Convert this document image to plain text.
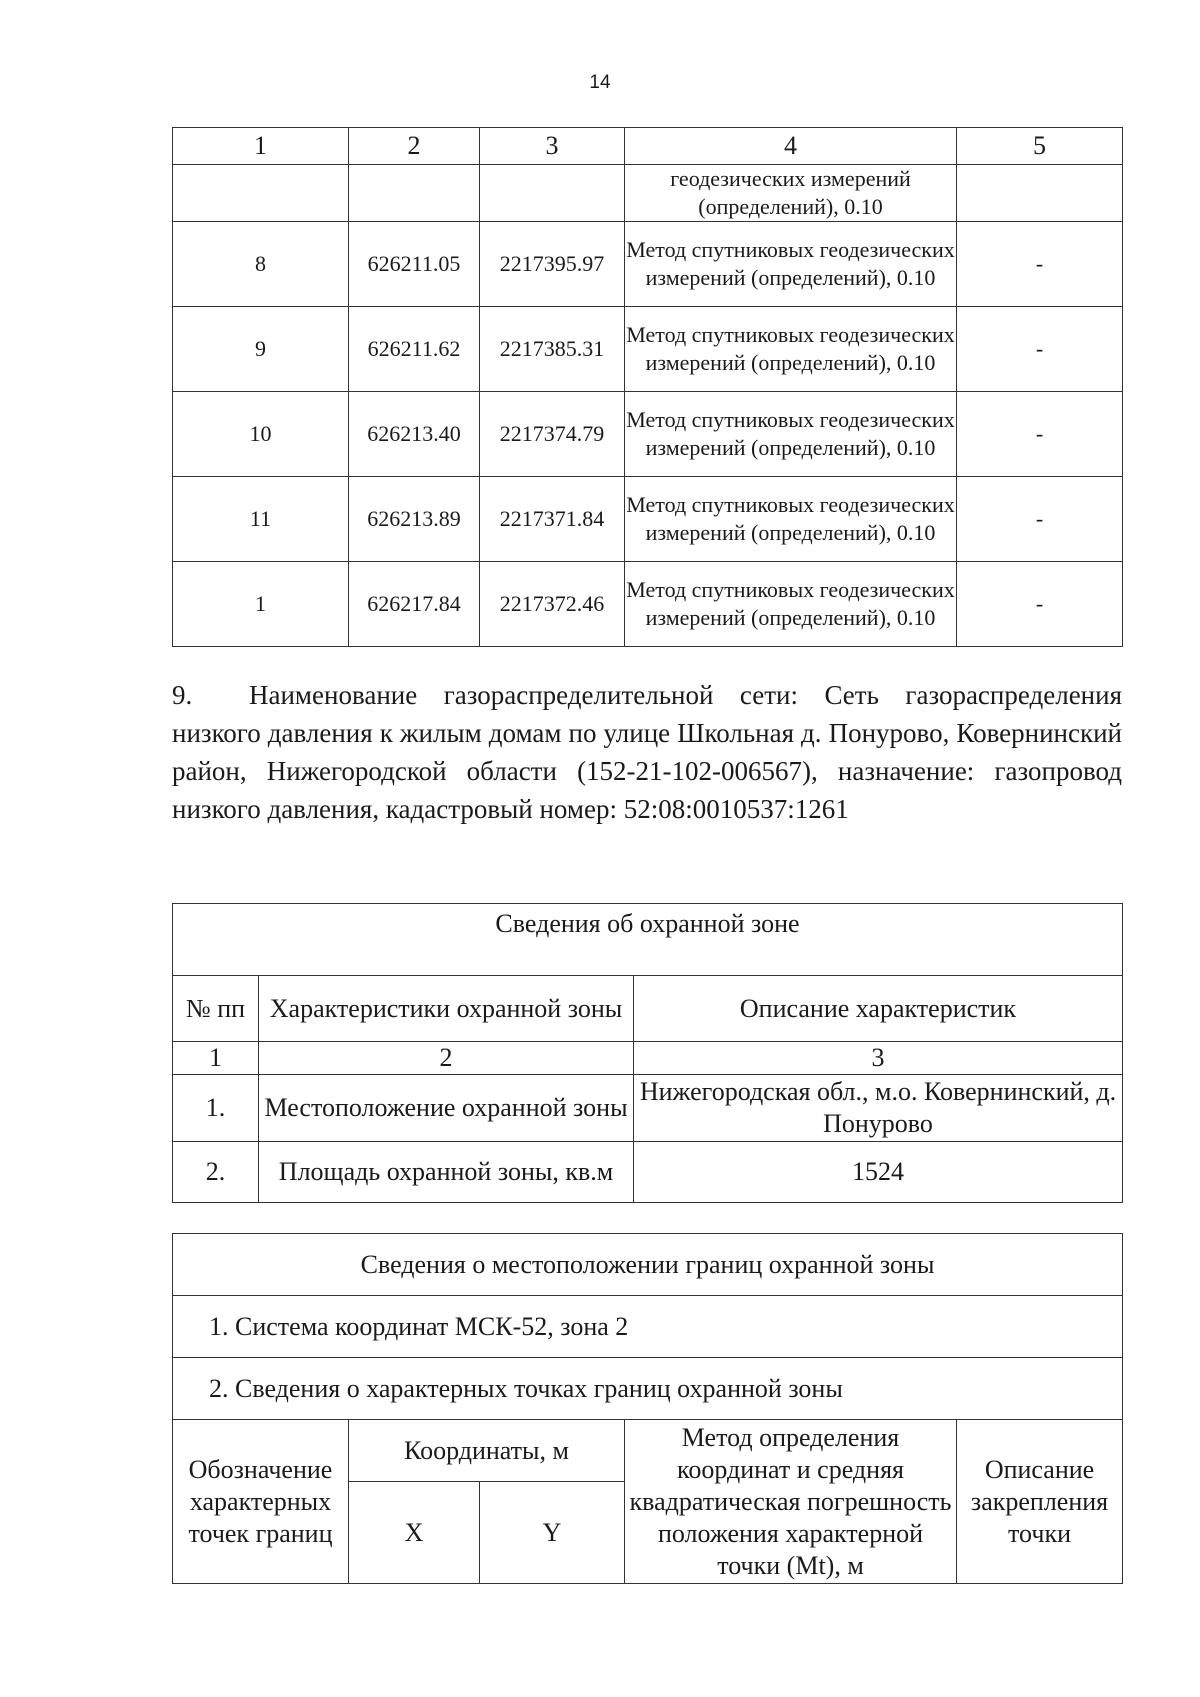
14
1	2	3	4	5
			геодезических измерений (определений), 0.10	
8	626211.05	2217395.97	Метод спутниковых геодезических измерений (определений), 0.10	-
9	626211.62	2217385.31	Метод спутниковых геодезических измерений (определений), 0.10	-
10	626213.40	2217374.79	Метод спутниковых геодезических измерений (определений), 0.10	-
11	626213.89	2217371.84	Метод спутниковых геодезических измерений (определений), 0.10	-
1	626217.84	2217372.46	Метод спутниковых геодезических измерений (определений), 0.10	-
9. Наименование газораспределительной сети: Сеть газораспределения низкого давления к жилым домам по улице Школьная д. Понурово, Ковернинский район, Нижегородской области (152-21-102-006567), назначение: газопровод низкого давления, кадастровый номер: 52:08:0010537:1261
Сведения об охранной зоне		
№ пп	Характеристики охранной зоны	Описание характеристик
1	2	3
1.	Местоположение охранной зоны	Нижегородская обл., м.о. Ковернинский, д. Понурово
2.	Площадь охранной зоны, кв.м	1524
Сведения о местоположении границ охранной зоны				
1. Система координат МСК-52, зона 2				
2. Сведения о характерных точках границ охранной зоны				
Обозначение характерных точек границ	Координаты, м		Метод определения координат и средняя квадратическая погрешность положения характерной точки (Mt), м	Описание закрепления точки
	X	Y		
